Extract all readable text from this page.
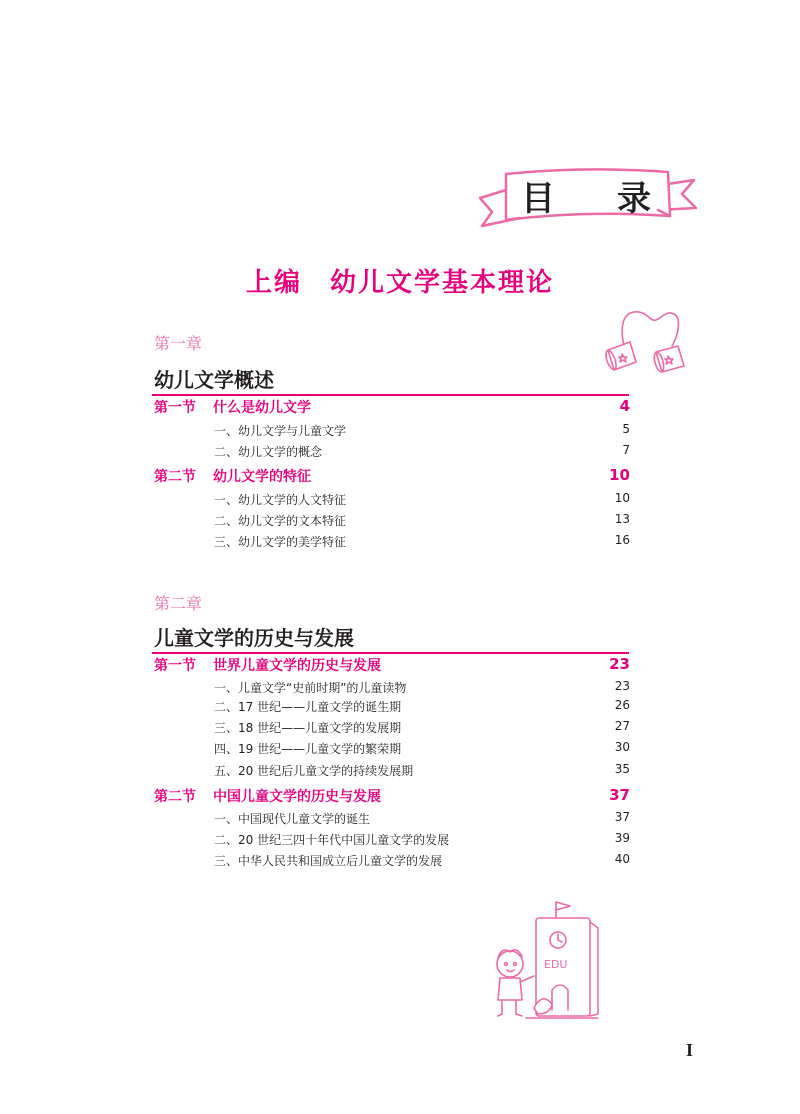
目 录
上编　幼儿文学基本理论
第一章
幼儿文学概述
第一节 什么是幼儿文学	4
一、幼儿文学与儿童文学	5
二、幼儿文学的概念	7
第二节 幼儿文学的特征	10
一、幼儿文学的人文特征	10
二、幼儿文学的文本特征	13
三、幼儿文学的美学特征	16
第二章
儿童文学的历史与发展
第一节 世界儿童文学的历史与发展	23
一、儿童文学“史前时期”的儿童读物	23
二、17 世纪——儿童文学的诞生期	26
三、18 世纪——儿童文学的发展期	27
四、19 世纪——儿童文学的繁荣期	30
五、20 世纪后儿童文学的持续发展期	35
第二节 中国儿童文学的历史与发展	37
一、中国现代儿童文学的诞生	37
二、20 世纪三四十年代中国儿童文学的发展	39
三、中华人民共和国成立后儿童文学的发展	40
EDU
I
